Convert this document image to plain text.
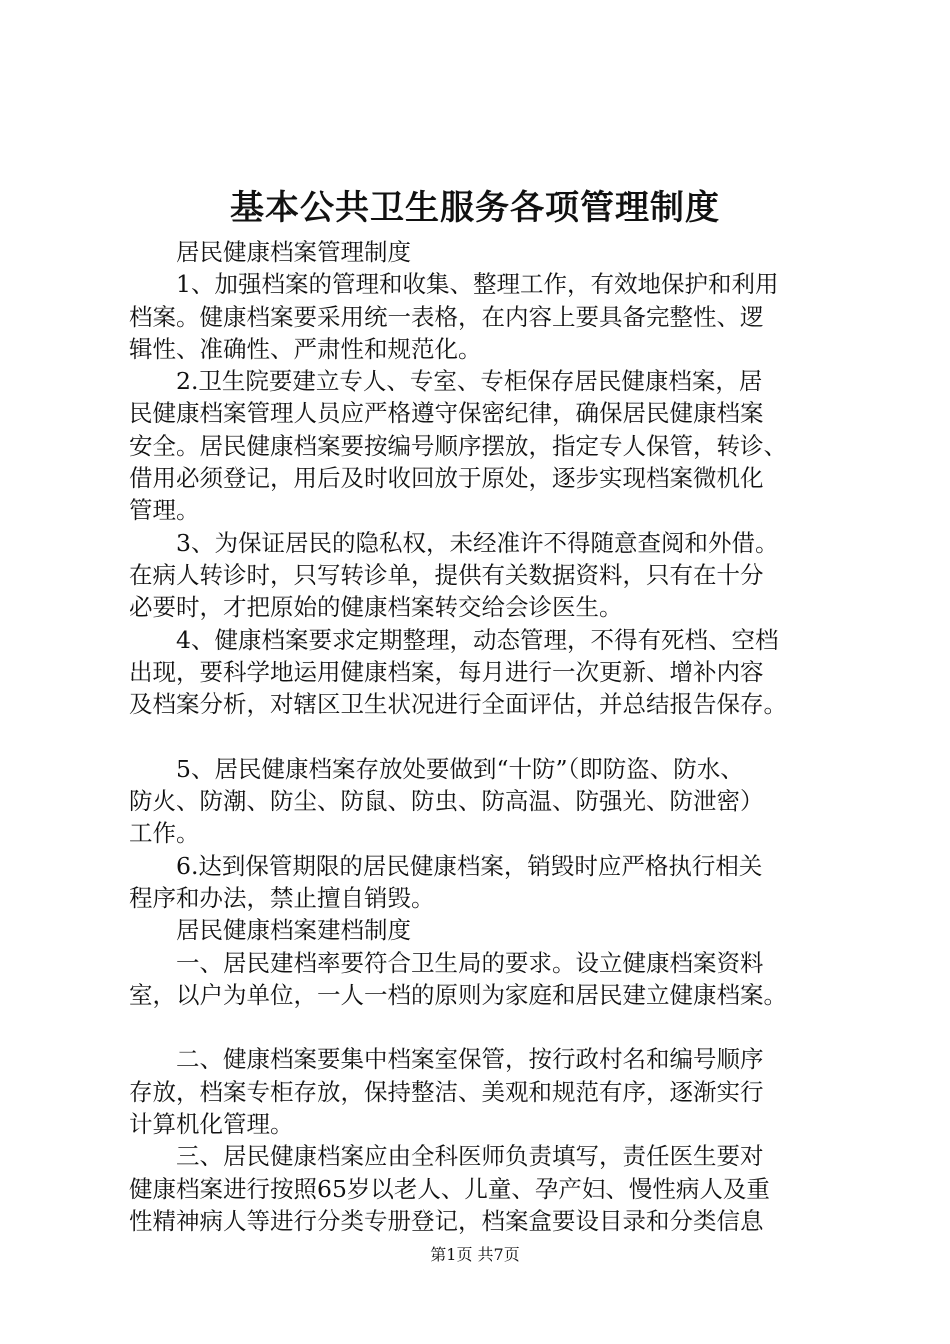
基本公共卫生服务各项管理制度
　　居民健康档案管理制度
　　1、加强档案的管理和收集、整理工作，有效地保护和利用
档案。健康档案要采用统一表格，在内容上要具备完整性、逻
辑性、准确性、严肃性和规范化。
　　2.卫生院要建立专人、专室、专柜保存居民健康档案，居
民健康档案管理人员应严格遵守保密纪律，确保居民健康档案
安全。居民健康档案要按编号顺序摆放，指定专人保管，转诊、
借用必须登记，用后及时收回放于原处，逐步实现档案微机化
管理。
　　3、为保证居民的隐私权，未经准许不得随意查阅和外借。
在病人转诊时，只写转诊单，提供有关数据资料，只有在十分
必要时，才把原始的健康档案转交给会诊医生。
　　4、健康档案要求定期整理，动态管理，不得有死档、空档
出现，要科学地运用健康档案，每月进行一次更新、增补内容
及档案分析，对辖区卫生状况进行全面评估，并总结报告保存。
　　5、居民健康档案存放处要做到“十防”（即防盗、防水、
防火、防潮、防尘、防鼠、防虫、防高温、防强光、防泄密）
工作。
　　6.达到保管期限的居民健康档案，销毁时应严格执行相关
程序和办法，禁止擅自销毁。
　　居民健康档案建档制度
　　一、居民建档率要符合卫生局的要求。设立健康档案资料
室，以户为单位，一人一档的原则为家庭和居民建立健康档案。
　　二、健康档案要集中档案室保管，按行政村名和编号顺序
存放，档案专柜存放，保持整洁、美观和规范有序，逐渐实行
计算机化管理。
　　三、居民健康档案应由全科医师负责填写，责任医生要对
健康档案进行按照65岁以老人、儿童、孕产妇、慢性病人及重
性精神病人等进行分类专册登记，档案盒要设目录和分类信息
第1页 共7页
